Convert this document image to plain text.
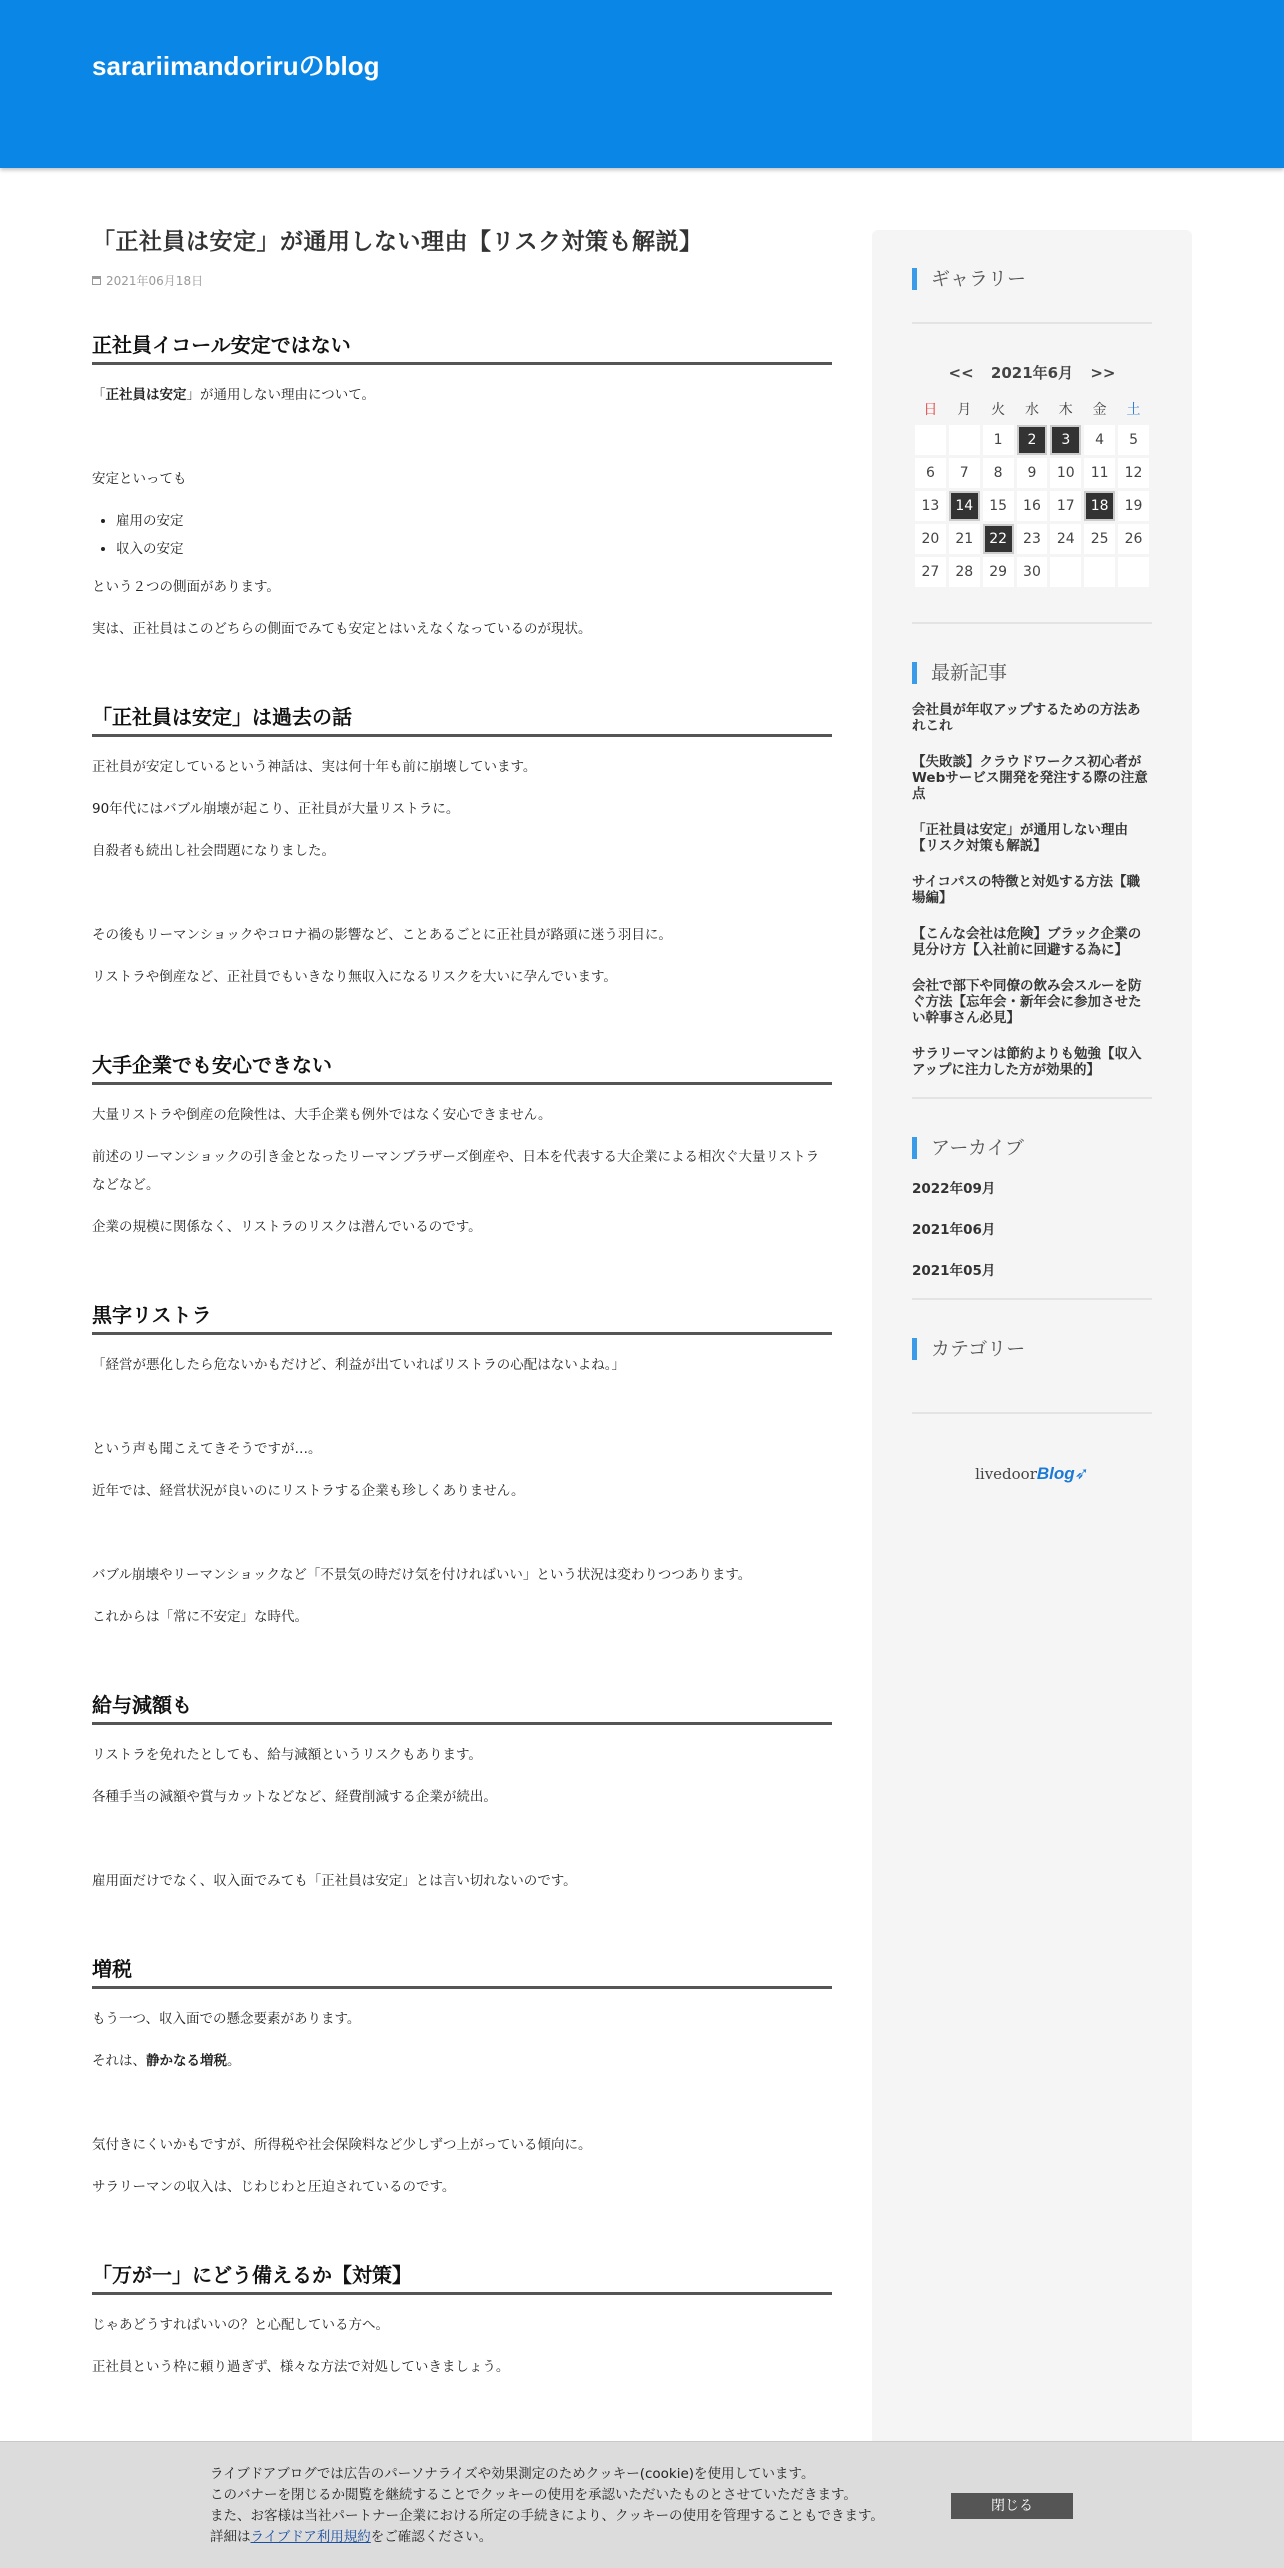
sarariimandoriruのblog
「正社員は安定」が通用しない理由【リスク対策も解説】
2021年06月18日
正社員イコール安定ではない

「正社員は安定」が通用しない理由について。

安定といっても

• 雇用の安定
• 収入の安定

という２つの側面があります。

実は、正社員はこのどちらの側面でみても安定とはいえなくなっているのが現状。

「正社員は安定」は過去の話

正社員が安定しているという神話は、実は何十年も前に崩壊しています。

90年代にはバブル崩壊が起こり、正社員が大量リストラに。

自殺者も続出し社会問題になりました。

その後もリーマンショックやコロナ禍の影響など、ことあるごとに正社員が路頭に迷う羽目に。

リストラや倒産など、正社員でもいきなり無収入になるリスクを大いに孕んでいます。

大手企業でも安心できない

大量リストラや倒産の危険性は、大手企業も例外ではなく安心できません。

前述のリーマンショックの引き金となったリーマンブラザーズ倒産や、日本を代表する大企業による相次ぐ大量リストラなどなど。

企業の規模に関係なく、リストラのリスクは潜んでいるのです。

黒字リストラ

「経営が悪化したら危ないかもだけど、利益が出ていればリストラの心配はないよね。」

という声も聞こえてきそうですが…。

近年では、経営状況が良いのにリストラする企業も珍しくありません。

バブル崩壊やリーマンショックなど「不景気の時だけ気を付ければいい」という状況は変わりつつあります。

これからは「常に不安定」な時代。

給与減額も

リストラを免れたとしても、給与減額というリスクもあります。

各種手当の減額や賞与カットなどなど、経費削減する企業が続出。

雇用面だけでなく、収入面でみても「正社員は安定」とは言い切れないのです。

増税

もう一つ、収入面での懸念要素があります。

それは、静かなる増税。

気付きにくいかもですが、所得税や社会保険料など少しずつ上がっている傾向に。

サラリーマンの収入は、じわじわと圧迫されているのです。

「万が一」にどう備えるか【対策】

じゃあどうすればいいの？と心配している方へ。

正社員という枠に頼り過ぎず、様々な方法で対処していきましょう。

ギャラリー
<< 2021年6月 >>
日	月	火	水	木	金	土
		1	2	3	4	5
6	7	8	9	10	11	12
13	14	15	16	17	18	19
20	21	22	23	24	25	26
27	28	29	30			
最新記事
会社員が年収アップするための方法あれこれ
【失敗談】クラウドワークス初心者がWebサービス開発を発注する際の注意点
「正社員は安定」が通用しない理由【リスク対策も解説】
サイコパスの特徴と対処する方法【職場編】
【こんな会社は危険】ブラック企業の見分け方【入社前に回避する為に】
会社で部下や同僚の飲み会スルーを防ぐ方法【忘年会・新年会に参加させたい幹事さん必見】
サラリーマンは節約よりも勉強【収入アップに注力した方が効果的】
アーカイブ
2022年09月
2021年06月
2021年05月
カテゴリー
livedoorBlog➶
ライブドアブログでは広告のパーソナライズや効果測定のためクッキー(cookie)を使用しています。
このバナーを閉じるか閲覧を継続することでクッキーの使用を承認いただいたものとさせていただきます。
また、お客様は当社パートナー企業における所定の手続きにより、クッキーの使用を管理することもできます。
詳細はライブドア利用規約をご確認ください。
閉じる
